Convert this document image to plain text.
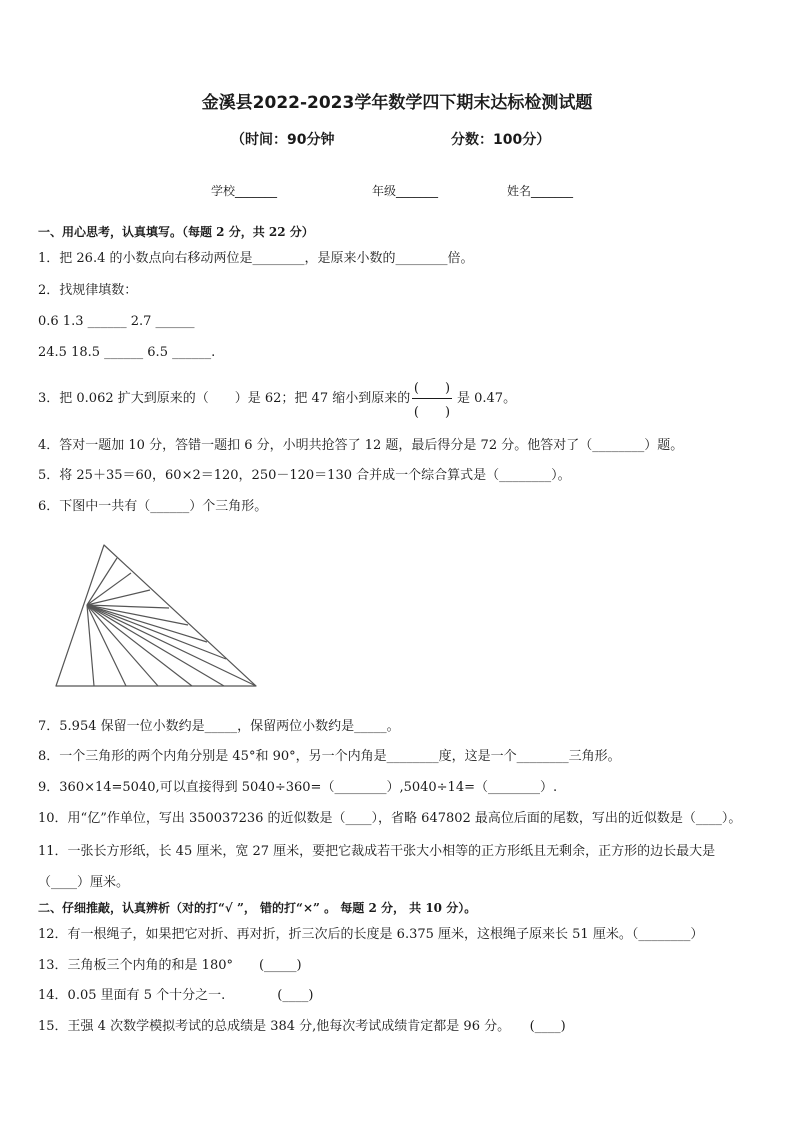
金溪县2022-2023学年数学四下期末达标检测试题
（时间：90分钟	分数：100分）
学校_______	年级_______	姓名_______
一、用心思考，认真填写。（每题 2 分，共 22 分）
1．把 26.4 的小数点向右移动两位是________，是原来小数的________倍。
2．找规律填数：
0.6 1.3 ______ 2.7 ______
24.5 18.5 ______ 6.5 ______.
3．把 0.062 扩大到原来的（　　）是 62；把 47 缩小到原来的
(　　)
(　　)
是 0.47。
4．答对一题加 10 分，答错一题扣 6 分，小明共抢答了 12 题，最后得分是 72 分。他答对了（________）题。
5．将 25＋35＝60，60×2＝120，250－120＝130 合并成一个综合算式是（________）。
6．下图中一共有（______）个三角形。
7．5.954 保留一位小数约是_____，保留两位小数约是_____。
8．一个三角形的两个内角分别是 45°和 90°，另一个内角是________度，这是一个________三角形。
9．360×14=5040,可以直接得到 5040÷360=（________）,5040÷14=（________）.
10．用“亿”作单位，写出 350037236 的近似数是（____），省略 647802 最高位后面的尾数，写出的近似数是（____）。
11．一张长方形纸，长 45 厘米，宽 27 厘米，要把它裁成若干张大小相等的正方形纸且无剩余，正方形的边长最大是
（____）厘米。
二、仔细推敲，认真辨析（对的打“√ ”， 错的打“×” 。 每题 2 分， 共 10 分）。
12．有一根绳子，如果把它对折、再对折，折三次后的长度是 6.375 厘米，这根绳子原来长 51 厘米。（________）
13．三角板三个内角的和是 180°　　(_____)
14．0.05 里面有 5 个十分之一.　　　　(____)
15．王强 4 次数学模拟考试的总成绩是 384 分,他每次考试成绩肯定都是 96 分。　　(____)
